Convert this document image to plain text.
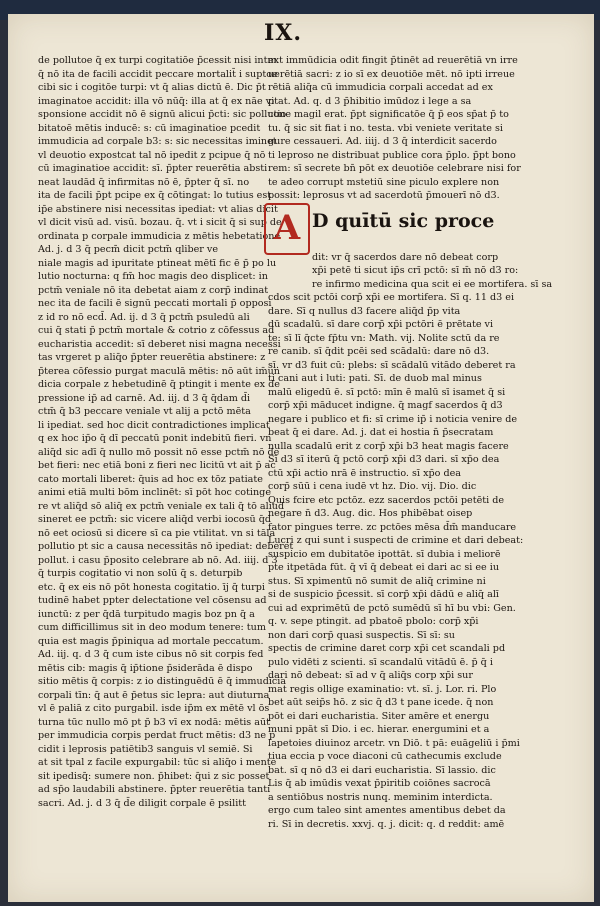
IX.
de pollutoe q̄ ex turpi cogitatiōe p̄cessit nisi intm
q̄ nō ita de facili accidit peccare mortalit̄ i suptoe
cibi sic i cogitōe turpi: vt q̄ alias dictū ē. Dic p̄t
imaginatoe accidit: illa vō nūq̄: illa at q̄ ex nāe vi
sponsione accidit nō ē signū alicui p̄cti: sic pollutio
bitatoē mētis inducē: s: cū imaginatioe pcedit
immudicia ad corpale b3: s: sic necessitas iminet
vl deuotio expostcat tal nō ipedit z pcipue q̄ nō
cū imaginatioe accidit: sī. p̄pter reuerētia absti
neat laudād q̄ infirmitas nō ē, p̄pter q̄ sī. no
ita de facili p̄pt pcipe ex q̄ cōtingat: lo tutius est
ip̄e abstinere nisi necessitas ipediat: vt alias dicit
vl dicit visū ad. visū. bozau. q̄. vt i sicit q̄ si sup de
ordinata p corpale immudicia z mētis hebetatione
Ad. j. d 3 q̄ pecm̄ dicit pctm̄ qliber ve
niale magis ad ipuritate ptineat mētī fic ē p̄ po lu
lutio nocturna: q fm̄ hoc magis deo displicet: in
pctm̄ veniale nō ita debetat aiam z corp̄ indinat
nec ita de facili ē signū peccati mortali p̄ opposi
z id ro nō ecd̄. Ad. ij. d 3 q̄ pctm̄ psuledū ali
cui q̄ stati p̄ pctm̄ mortale & cotrio z cōfessus ad
eucharistia accedit: sī deberet nisi magna necessi
tas vrgeret p aliq̄o p̄pter reuerētia abstinere: z
p̄terea cōfessio purgat maculā mētis: nō aūt im̄un
dicia corpale z hebetudinē q̄ ptingit i mente ex de
pressione ip̄ ad carnē. Ad. iij. d 3 q̄ q̄dam d̄i
ctm̄ q̄ b3 peccare veniale vt alij a pctō mēta
li ipediat. sed hoc dicit contradictiones implicat
q ex hoc ip̄o q̄ dī peccatū ponit indebitū fieri. vn
aliq̄d sic adī q̄ nullo mō possit nō esse pctm̄ nō de
bet fieri: nec etiā boni z fieri nec licitū vt ait p̄ ac
cato mortali liberet: q̄uis ad hoc ex tōz patiate
animi etiā multi bōm inclinēt: sī pōt hoc cotinge
re vt aliq̄d sō aliq̄ ex pctm̄ veniale ex tali q̄ tō aliud
sineret ee pctm̄: sic vicere aliq̄d verbi iocosū q̄d
nō eet ociosū si dicere sī ca pie vtilitat. vn si tāla
pollutio pt sic a causa necessitās nō ipediat: deberet
pollut. i casu p̄posito celebrare ab nō. Ad. iiij. d 3
q̄ turpis cogitatio vi non solū q̄ s. deturpib
etc. q̄ ex eis nō pōt honesta cogitatio. īj q̄ turpi
tudinē habet ppter delectatione vel cōsensu ad
iunctū: z per q̄dā turpitudo magis boz pn q̄ a
cum difficillimus sit in deo modum tenere: tum
quia est magis p̄piniqua ad mortale peccatum.
Ad. iij. q. d 3 q̄ cum iste cibus nō sit corpis fed
mētis cib: magis q̄ ip̄tione p̄siderāda ē dispo
sitio mētis q̄ corpis: z io distinguēdū ē q̄ immudicia
corpali tīn: q̄ aut ē p̄etus sic lepra: aut diuturna
vl ē paliā z cito purgabil. isde ip̄m ex mētē vl ōs
turna tūc nullo mō pt p̄ b3 vī ex nodā: mētis aūt
per immudicia corpis perdat fruct mētis: d3 ne p
cidit i leprosis patiētib3 sanguis vl semiē. Si
at sit tpal z facile expurgabil: tūc si aliq̄o i mente
sit ipedisq̄: sumere non. p̄hibet: q̄ui z sic posset
ad sp̄o laudabili abstinere. p̄pter reuerētia tanti
sacri. Ad. j. d 3 q̄ d̄e diligit corpale ē psilitt
ext immūdicia odit fingit p̄tinēt ad reuerētiā vn irre
uerētiā sacri: z io sī ex deuotiōe mēt. nō ipti irreue
rētiā aliq̄a cū immudicia corpali accedat ad ex
ptat. Ad. q. d 3 p̄hibitio imūdoz i lege a sa
cone magil erat. p̄pt significatōe q̄ p̄ eos sp̄at p̄ to
tu. q̄ sic sit fiat i no. testa. vbi veniete veritate si
gure cessaueri. Ad. iiij. d 3 q̄ interdicit sacerdo
ti leproso ne distribuat publice cora p̄plo. p̄pt bono
rem: sī secrete bn̄ pōt ex deuotiōe celebrare nisi for
te adeo corrupt mstetiū sine piculo explere non
possit: leprosus vt ad sacerdotū p̄mouerī nō d3.
A D quītū sic proce
dit: vr q̄ sacerdos dare nō debeat corp
xp̄i petē ti sicut ip̄s crī pctō: sī m̄ nō d3 ro:
re infirmo medicina qua scit ei ee mortifera. sī sa
cdos scit pctōi corp̄ xp̄i ee mortifera. Sī q. 11 d3 ei
dare. Sī q nullus d3 facere aliq̄d p̄p vita
dū scadalū. sī dare corp̄ xp̄i pctōri ē prētate vi
te: sī lī q̄cte fp̄tu vn: Math. vij. Nolite sctū da re
re canib. sī q̄dit pcēi sed scādalū: dare nō d3.
sī. vr d3 fuit cū: plebs: sī scādalū vitādo deberet ra
ti cani aut i luti: pati. Sī. de duob mal minus
malū eligedū ē. sī pctō: mīn ē malū sī isamet q̄ si
corp̄ xp̄i māducet indigne. q̄ magf sacerdos q̄ d3
negare i publico et fi: sī crime ip̄ i noticia venire de
beat q̄ ei dare. Ad. j. dat ei hostia n̄ p̄secratam
nulla scadalū erit z corp̄ xp̄i b3 heat magis facere
Sī d3 sī iterū q̄ pctō corp̄ xp̄i d3 dari. sī xp̄o dea
ctū xp̄i actio nrā ē instructio. sī xp̄o dea
corp̄ sūū i cena iudē vt hz. Dio. vij. Dio. dic
Quis fcire etc pctōz. ezz sacerdos pctōi petēti de
negare n̄ d3. Aug. dic. Hos phibēbat oisep
fator pingues terre. zc pctōes mēsa d̄m̄ manducare
Lucri z qui sunt i suspecti de crimine et dari debeat:
suspicio em dubitatōe ipottāt. sī dubia i meliorē
pte itpetāda fūt. q̄ vī q̄ debeat ei dari ac si ee iu
stus. Sī xpimentū nō sumit de aliq̄ crimine ni
si de suspicio p̄cessit. sī corp̄ xp̄i dādū e aliq̄ alī
cui ad exprimētū de pctō sumēdū sī hī bu vbi: Gen.
q. v. sepe ptingit. ad pbatoē pbolo: corp̄ xp̄i
non dari corp̄ quasi suspectis. Sī sī: su
spectis de crimine daret corp xp̄i cet scandali pd
pulo vidēti z scienti. sī scandalū vitādū ē. p̄ q̄ i
dari nō debeat: sī ad v q̄ aliq̄s corp xp̄i sur
mat regis ollige examinatio: vt. sī. j. Lor. ri. Plo
bet aūt seip̄s hō. z sic q̄ d3 t pane icede. q̄ non
pōt ei dari eucharistia. Siter amēre et energu
muni ppāt sī Dio. i ec. hierar. energumini et a
lapetoies diuinoz arcetr. vn Diō. t pā: euāgeliū i p̄mi
tiua eccia p voce diaconi cū cathecumis exclude
bat. sī q nō d3 ei dari eucharistia. Sī lassio. dic
Lis q̄ ab imūdis vexat p̄piritib coiōnes sacrocā
a sentiōbus nostris nunq. meminim interdicta.
ergo cum taleo sint amentes amentibus debet da
ri. Sī in decretis. xxvj. q. j. dicit: q. d reddit: amē
